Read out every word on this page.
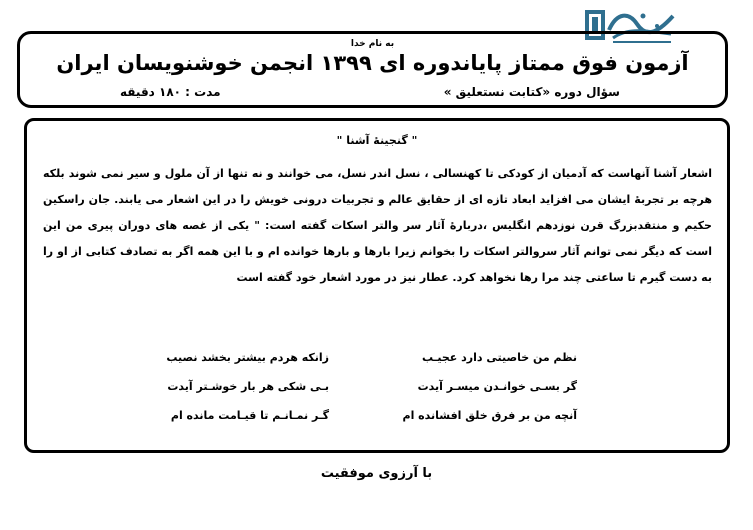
به نام خدا
آزمون فوق ممتاز پایاندوره ای ۱۳۹۹ انجمن خوشنویسان ایران
سؤال دوره «کتابت نستعلیق »
مدت : ۱۸۰ دقیقه
" گنجینهٔ آشنا "

اشعار آشنا آنهاست که آدمیان از کودکی تا کهنسالی ، نسل اندر نسل، می خوانند و نه تنها از آن ملول و سیر نمی شوند بلکه هرچه بر تجربهٔ ایشان می افزاید ابعاد تازه ای از حقایق عالم و تجربیات درونی خویش را در این اشعار می یابند. جان راسکین حکیم و منتقدبزرگ قرن نوزدهم انگلیس ،دربارهٔ آثار سر والتر اسکات گفته است: " یکی از غصه های دوران پیری من این است که دیگر نمی توانم آثار سروالتر اسکات را بخوانم زیرا بارها و بارها خوانده ام و با این همه اگر به تصادف کتابی از او را به دست گیرم تا ساعتی چند مرا رها نخواهد کرد. عطار نیز در مورد اشعار خود گفته است

نظم من خاصیتی دارد عجیـب
زانکه هردم بیشتر بخشد نصیب
گر بسـی خوانـدن میسـر آیدت
بـی شکی هر بار خوشـتر آیدت
آنچه من بر فرق خلق افشانده ام
گـر نمـانـم تا قیـامت مانده ام
با آرزوی موفقیت
